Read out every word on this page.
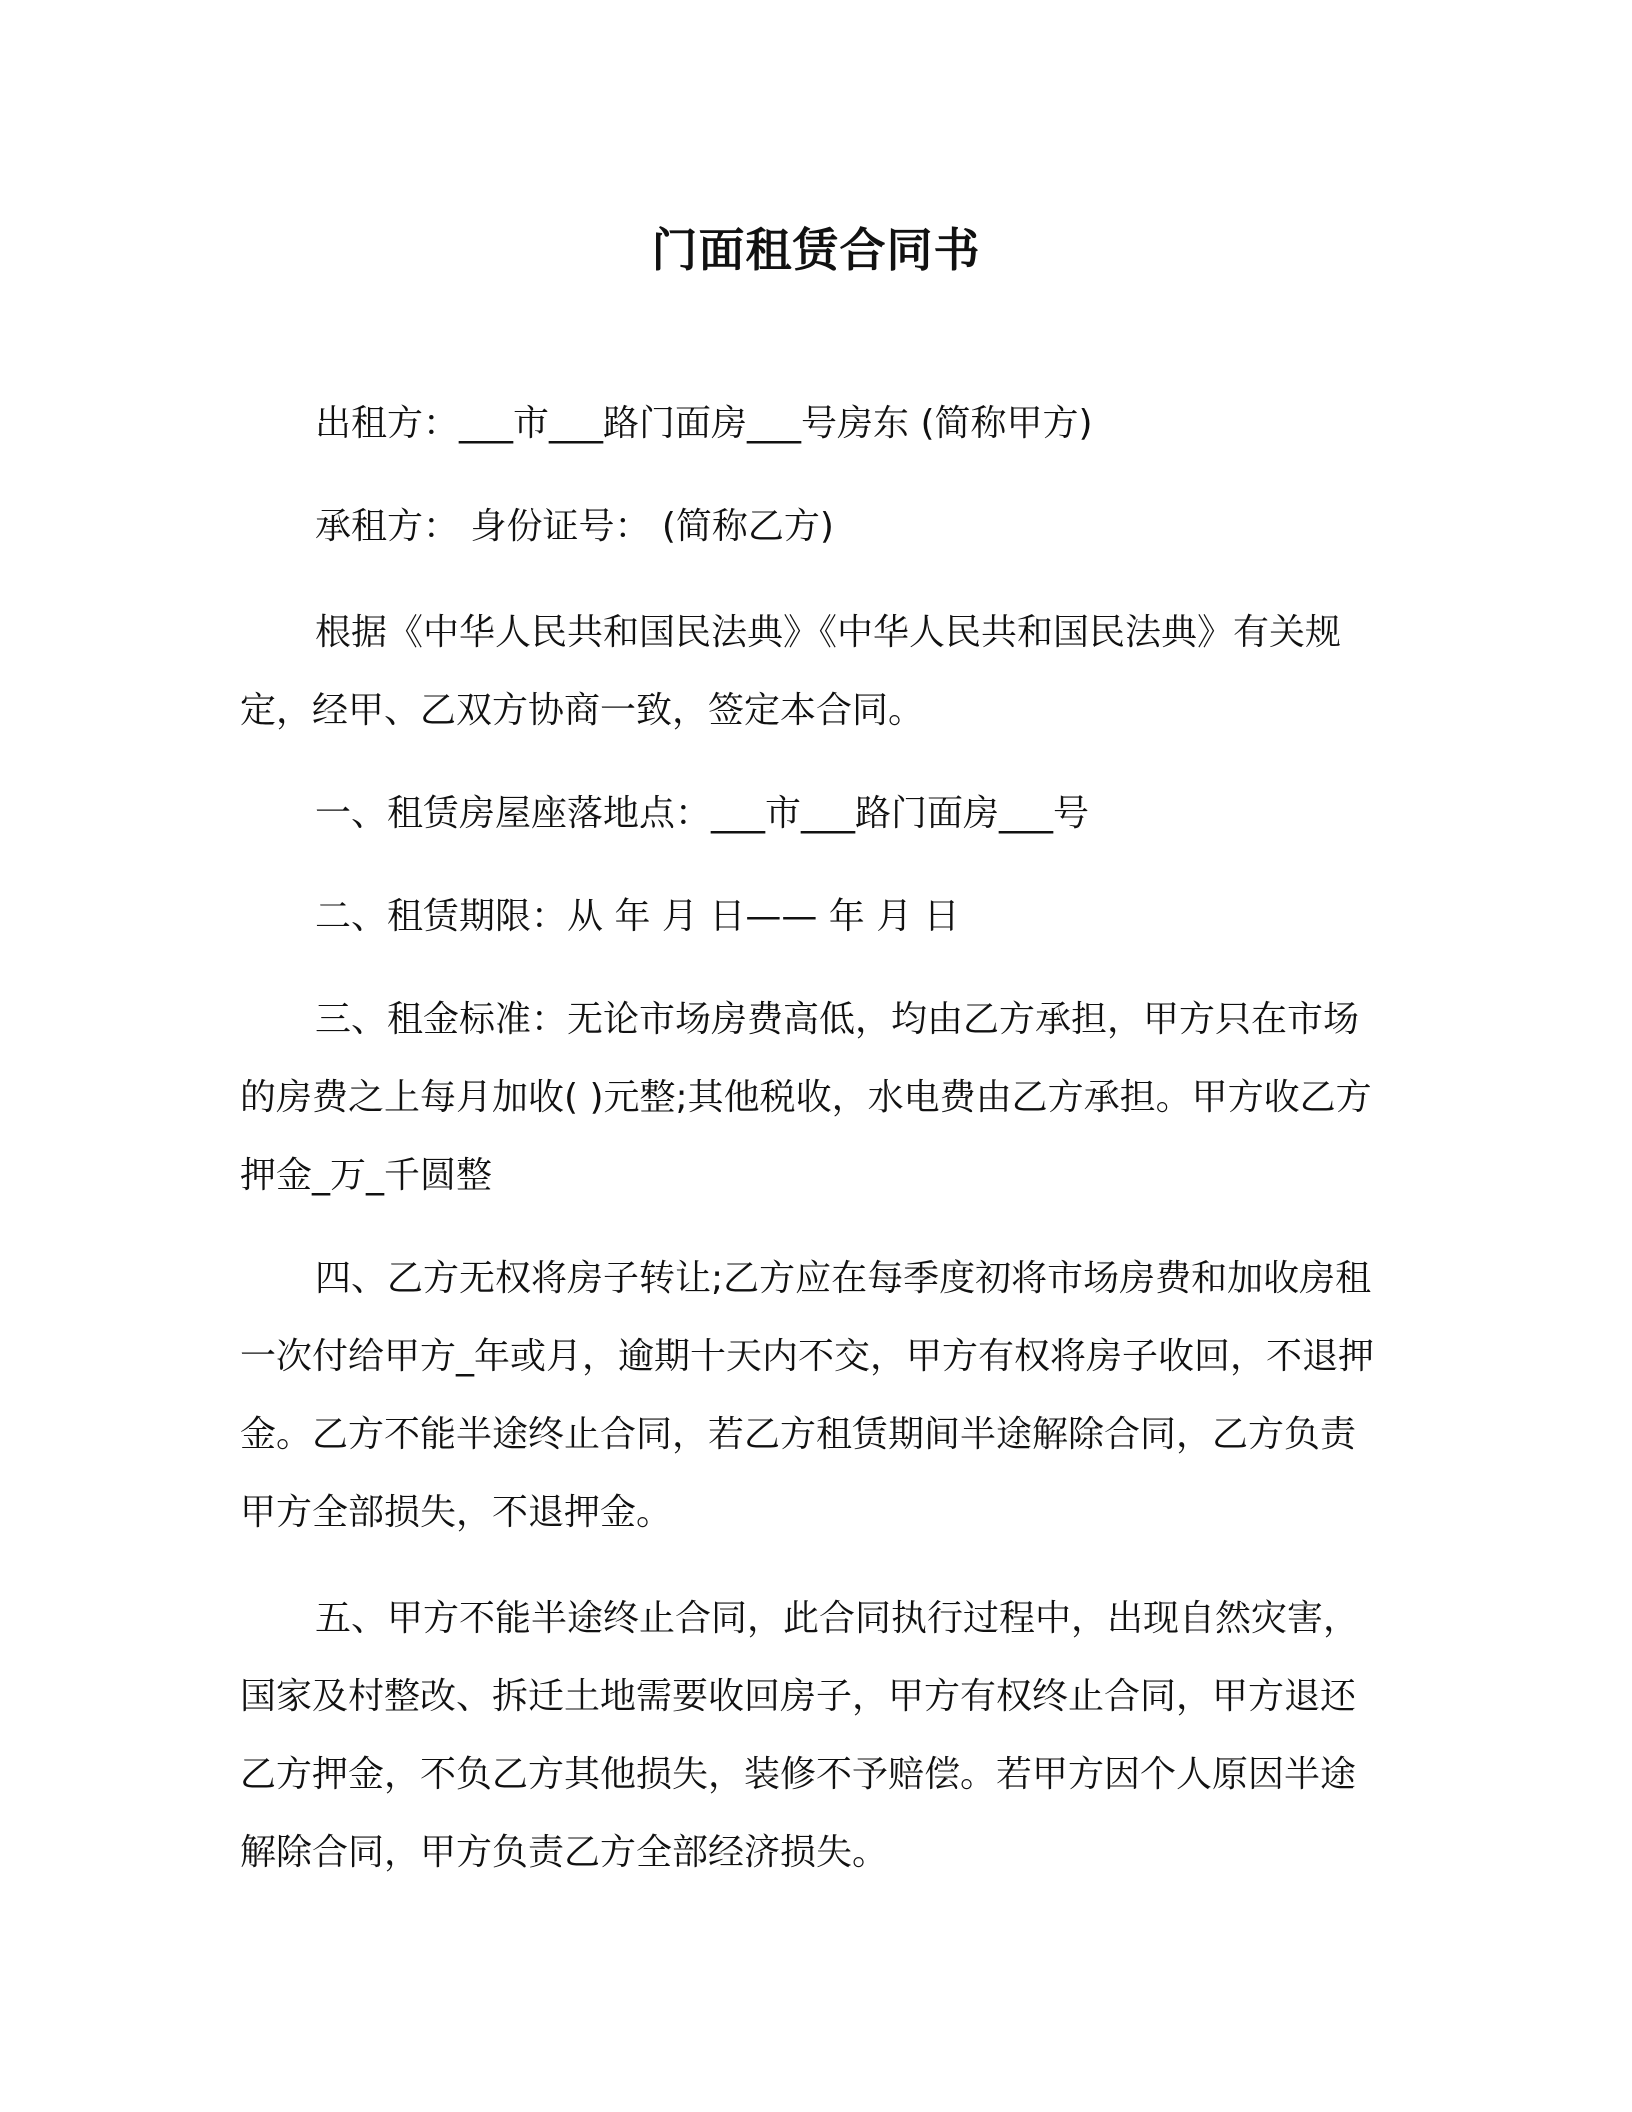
门面租赁合同书
出租方：___市___路门面房___号房东 (简称甲方)
承租方： 身份证号： (简称乙方)
根据《中华人民共和国民法典》《中华人民共和国民法典》有关规定，经甲、乙双方协商一致，签定本合同。
一、租赁房屋座落地点：___市___路门面房___号
二、租赁期限：从 年 月 日—— 年 月 日
三、租金标准：无论市场房费高低，均由乙方承担，甲方只在市场的房费之上每月加收( )元整;其他税收，水电费由乙方承担。甲方收乙方押金_万_千圆整
四、乙方无权将房子转让;乙方应在每季度初将市场房费和加收房租一次付给甲方_年或月，逾期十天内不交，甲方有权将房子收回，不退押金。乙方不能半途终止合同，若乙方租赁期间半途解除合同，乙方负责甲方全部损失，不退押金。
五、甲方不能半途终止合同，此合同执行过程中，出现自然灾害，国家及村整改、拆迁土地需要收回房子，甲方有权终止合同，甲方退还乙方押金，不负乙方其他损失，装修不予赔偿。若甲方因个人原因半途解除合同，甲方负责乙方全部经济损失。
